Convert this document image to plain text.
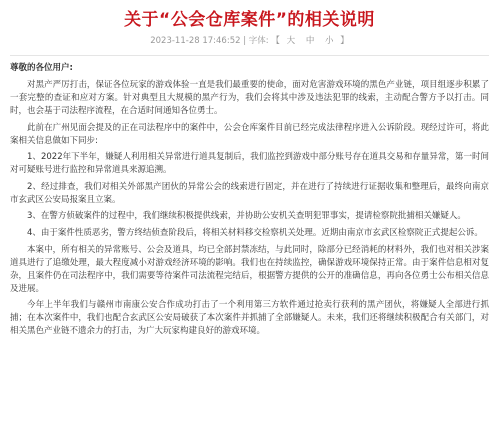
关于“公会仓库案件”的相关说明
2023-11-28 17:46:52 | 字体: 【 大 中 小 】

尊敬的各位用户:

对黑产严厉打击，保证各位玩家的游戏体验一直是我们最重要的使命，面对危害游戏环境的黑色产业链，项目组逐步积累了一套完整的查证和应对方案。针对典型且大规模的黑产行为，我们会将其中涉及违法犯罪的线索，主动配合警方予以打击。同时，也会基于司法程序流程，在合适时间通知各位勇士。

此前在广州见面会提及的正在司法程序中的案件中，公会仓库案件目前已经完成法律程序进入公诉阶段。现经过许可，将此案相关信息做如下同步:

1、2022年下半年，嫌疑人利用相关异常进行道具复制后，我们监控到游戏中部分账号存在道具交易和存量异常，第一时间对可疑账号进行监控和异常道具来源追溯。

2、经过排查，我们对相关外部黑产团伙的异常公会的线索进行固定，并在进行了持续进行证据收集和整理后，最终向南京市玄武区公安局报案且立案。

3、在警方侦破案件的过程中，我们继续积极提供线索，并协助公安机关查明犯罪事实，提请检察院批捕相关嫌疑人。

4、由于案件性质恶劣，警方终结侦查阶段后，将相关材料移交检察机关处理。近期由南京市玄武区检察院正式提起公诉。

本案中，所有相关的异常账号、公会及道具，均已全部封禁冻结，与此同时，除部分已经消耗的材料外，我们也对相关涉案道具进行了追缴处理，最大程度减小对游戏经济环境的影响。我们也在持续监控，确保游戏环境保持正常。由于案件信息相对复杂，且案件仍在司法程序中，我们需要等待案件司法流程完结后，根据警方提供的公开的准确信息，再向各位勇士公布相关信息及进展。

今年上半年我们与赣州市南康公安合作成功打击了一个利用第三方软件通过抢卖行获利的黑产团伙，将嫌疑人全部进行抓捕；在本次案件中，我们也配合玄武区公安局破获了本次案件并抓捕了全部嫌疑人。未来，我们还将继续积极配合有关部门，对相关黑色产业链不遗余力的打击，为广大玩家构建良好的游戏环境。
